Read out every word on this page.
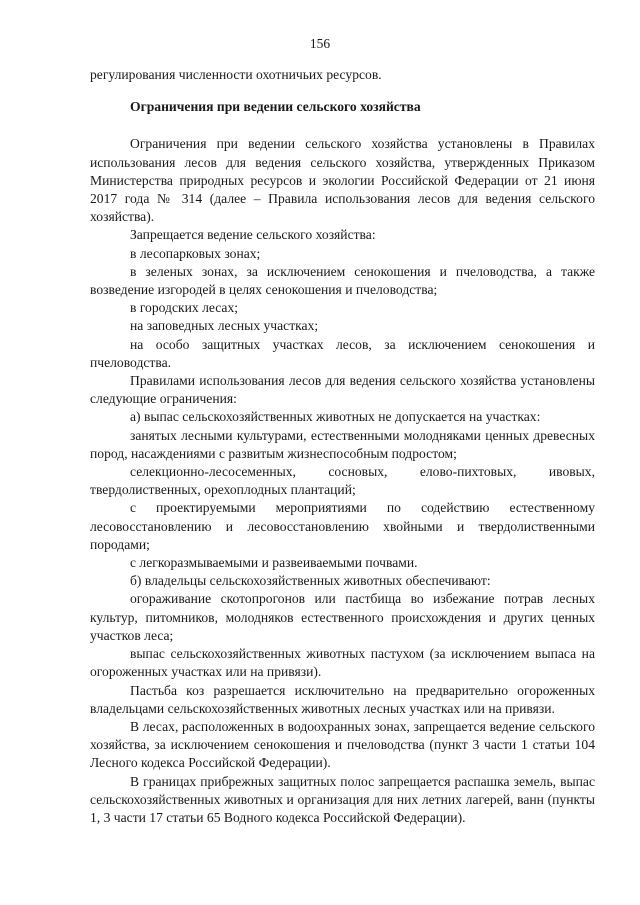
156

регулирования численности охотничьих ресурсов.

Ограничения при ведении сельского хозяйства

Ограничения при ведении сельского хозяйства установлены в Правилах использования лесов для ведения сельского хозяйства, утвержденных Приказом Министерства природных ресурсов и экологии Российской Федерации от 21 июня 2017 года № 314 (далее – Правила использования лесов для ведения сельского хозяйства).

Запрещается ведение сельского хозяйства:

в лесопарковых зонах;

в зеленых зонах, за исключением сенокошения и пчеловодства, а также возведение изгородей в целях сенокошения и пчеловодства;

в городских лесах;

на заповедных лесных участках;

на особо защитных участках лесов, за исключением сенокошения и пчеловодства.

Правилами использования лесов для ведения сельского хозяйства установлены следующие ограничения:

а) выпас сельскохозяйственных животных не допускается на участках:

занятых лесными культурами, естественными молодняками ценных древесных пород, насаждениями с развитым жизнеспособным подростом;

селекционно-лесосеменных, сосновых, елово-пихтовых, ивовых, твердолиственных, орехоплодных плантаций;

с проектируемыми мероприятиями по содействию естественному лесовосстановлению и лесовосстановлению хвойными и твердолиственными породами;

с легкоразмываемыми и развеиваемыми почвами.

б) владельцы сельскохозяйственных животных обеспечивают:

огораживание скотопрогонов или пастбища во избежание потрав лесных культур, питомников, молодняков естественного происхождения и других ценных участков леса;

выпас сельскохозяйственных животных пастухом (за исключением выпаса на огороженных участках или на привязи).

Пастьба коз разрешается исключительно на предварительно огороженных владельцами сельскохозяйственных животных лесных участках или на привязи.

В лесах, расположенных в водоохранных зонах, запрещается ведение сельского хозяйства, за исключением сенокошения и пчеловодства (пункт 3 части 1 статьи 104 Лесного кодекса Российской Федерации).

В границах прибрежных защитных полос запрещается распашка земель, выпас сельскохозяйственных животных и организация для них летних лагерей, ванн (пункты 1, 3 части 17 статьи 65 Водного кодекса Российской Федерации).
